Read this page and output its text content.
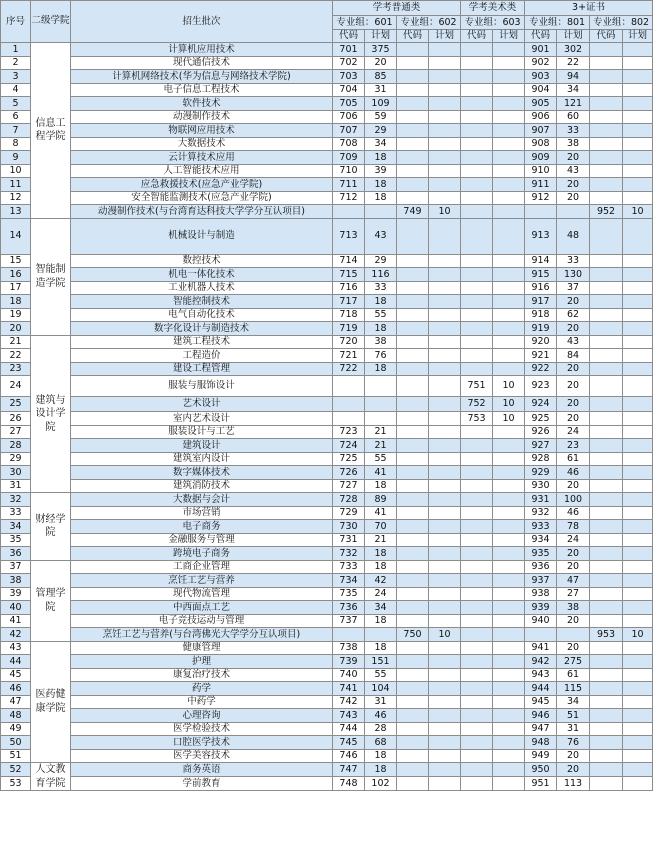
序号	二级学院	招生批次	学考普通类				学考美术类		3+证书			
			专业组：601		专业组：602		专业组：603		专业组：801		专业组：802	
			代码	计划	代码	计划	代码	计划	代码	计划	代码	计划
1	信息工程学院	计算机应用技术	701	375					901	302		
2		现代通信技术	702	20					902	22		
3		计算机网络技术(华为信息与网络技术学院)	703	85					903	94		
4		电子信息工程技术	704	31					904	34		
5		软件技术	705	109					905	121		
6		动漫制作技术	706	59					906	60		
7		物联网应用技术	707	29					907	33		
8		大数据技术	708	34					908	38		
9		云计算技术应用	709	18					909	20		
10		人工智能技术应用	710	39					910	43		
11		应急救援技术(应急产业学院)	711	18					911	20		
12		安全智能监测技术(应急产业学院)	712	18					912	20		
13		动漫制作技术(与台湾育达科技大学学分互认项目)			749	10					952	10
14	智能制造学院	机械设计与制造	713	43					913	48		
15		数控技术	714	29					914	33		
16		机电一体化技术	715	116					915	130		
17		工业机器人技术	716	33					916	37		
18		智能控制技术	717	18					917	20		
19		电气自动化技术	718	55					918	62		
20		数字化设计与制造技术	719	18					919	20		
21	建筑与设计学院	建筑工程技术	720	38					920	43		
22		工程造价	721	76					921	84		
23		建设工程管理	722	18					922	20		
24		服装与服饰设计					751	10	923	20		
25		艺术设计					752	10	924	20		
26		室内艺术设计					753	10	925	20		
27		服装设计与工艺	723	21					926	24		
28		建筑设计	724	21					927	23		
29		建筑室内设计	725	55					928	61		
30		数字媒体技术	726	41					929	46		
31		建筑消防技术	727	18					930	20		
32	财经学院	大数据与会计	728	89					931	100		
33		市场营销	729	41					932	46		
34		电子商务	730	70					933	78		
35		金融服务与管理	731	21					934	24		
36		跨境电子商务	732	18					935	20		
37	管理学院	工商企业管理	733	18					936	20		
38		烹饪工艺与营养	734	42					937	47		
39		现代物流管理	735	24					938	27		
40		中西面点工艺	736	34					939	38		
41		电子竞技运动与管理	737	18					940	20		
42		烹饪工艺与营养(与台湾佛光大学学分互认项目)			750	10					953	10
43	医药健康学院	健康管理	738	18					941	20		
44		护理	739	151					942	275		
45		康复治疗技术	740	55					943	61		
46		药学	741	104					944	115		
47		中药学	742	31					945	34		
48		心理咨询	743	46					946	51		
49		医学检验技术	744	28					947	31		
50		口腔医学技术	745	68					948	76		
51		医学美容技术	746	18					949	20		
52	人文教育学院	商务英语	747	18					950	20		
53		学前教育	748	102					951	113		
